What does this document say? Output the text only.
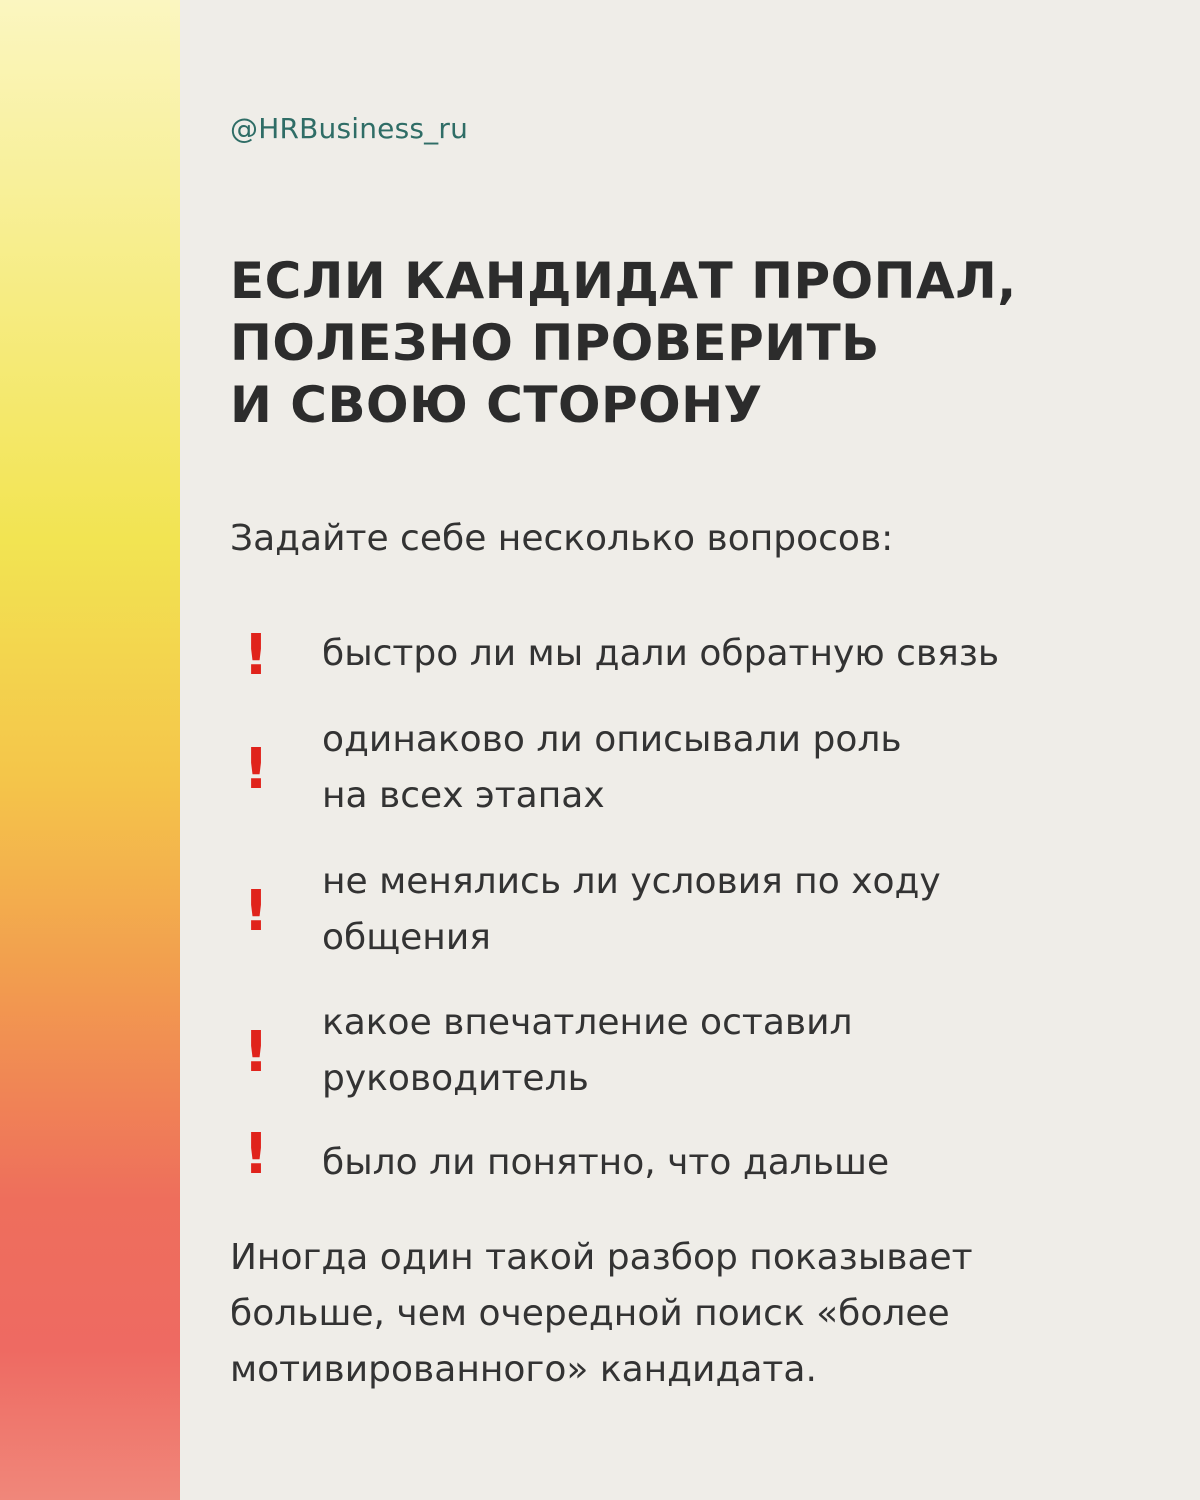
@HRBusiness_ru
ЕСЛИ КАНДИДАТ ПРОПАЛ,
ПОЛЕЗНО ПРОВЕРИТЬ
И СВОЮ СТОРОНУ
Задайте себе несколько вопросов:
! быстро ли мы дали обратную связь
! одинаково ли описывали роль
на всех этапах
! не менялись ли условия по ходу
общения
! какое впечатление оставил
руководитель
! было ли понятно, что дальше
Иногда один такой разбор показывает
больше, чем очередной поиск «более
мотивированного» кандидата.
